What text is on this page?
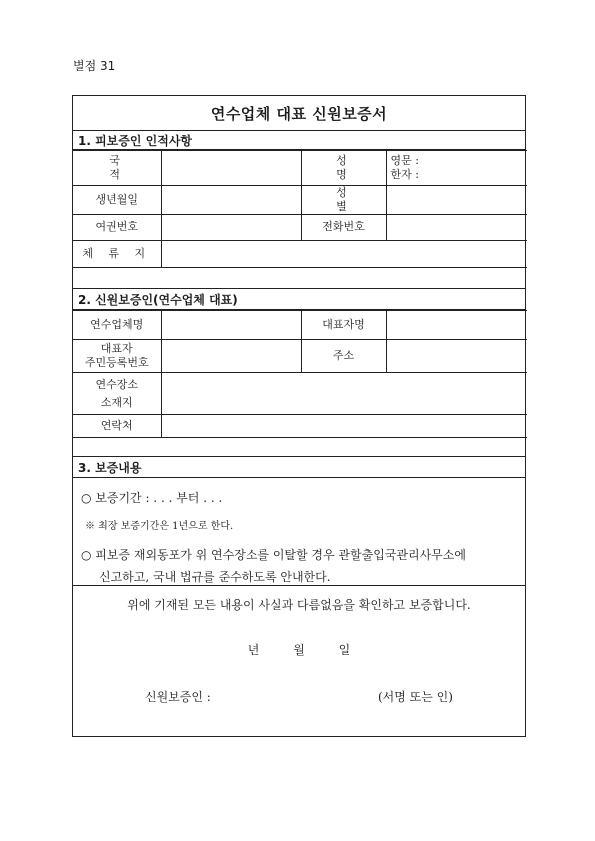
별점 31
연수업체 대표 신원보증서
1. 피보증인 인적사항
국 적		성 명	영문 :
한자 :

생년월일		성 별	
여권번호		전화번호	
체 류 지			
2. 신원보증인(연수업체 대표)
연수업체명		대표자명	

대표자
주민등록번호		주소	

연수장소
소재지			

연락처			
3. 보증내용
○ 보증기간 : . . . 부터 . . .
※ 최장 보증기간은 1년으로 한다.
○ 피보증 재외동포가 위 연수장소를 이탈할 경우 관할출입국관리사무소에
신고하고, 국내 법규를 준수하도록 안내한다.
위에 기재된 모든 내용이 사실과 다름없음을 확인하고 보증합니다.
년 월 일
신원보증인 :	(서명 또는 인)
